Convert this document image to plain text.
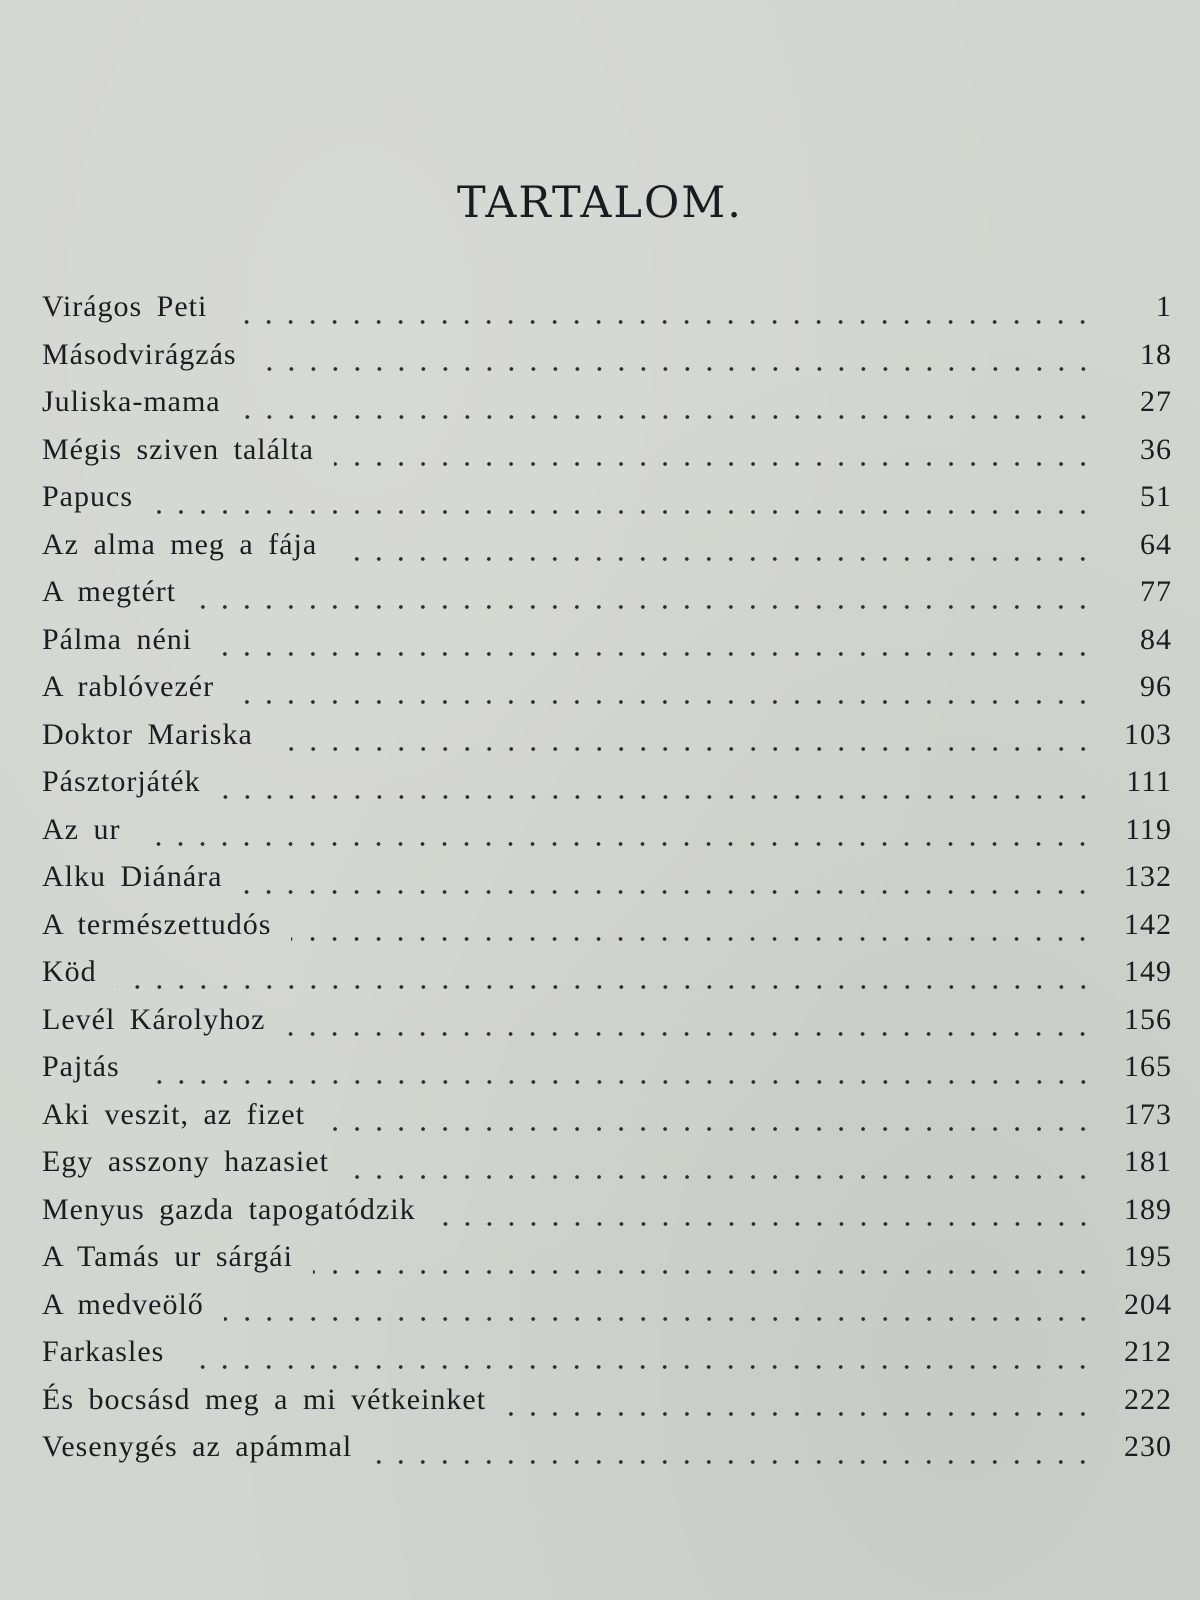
TARTALOM.
Virágos Peti	1
Másodvirágzás	18
Juliska-mama	27
Mégis sziven találta	36
Papucs	51
Az alma meg a fája	64
A megtért	77
Pálma néni	84
A rablóvezér	96
Doktor Mariska	103
Pásztorjáték	111
Az ur	119
Alku Diánára	132
A természettudós	142
Köd	149
Levél Károlyhoz	156
Pajtás	165
Aki veszit, az fizet	173
Egy asszony hazasiet	181
Menyus gazda tapogatódzik	189
A Tamás ur sárgái	195
A medveölő	204
Farkasles	212
És bocsásd meg a mi vétkeinket	222
Vesenygés az apámmal	230
